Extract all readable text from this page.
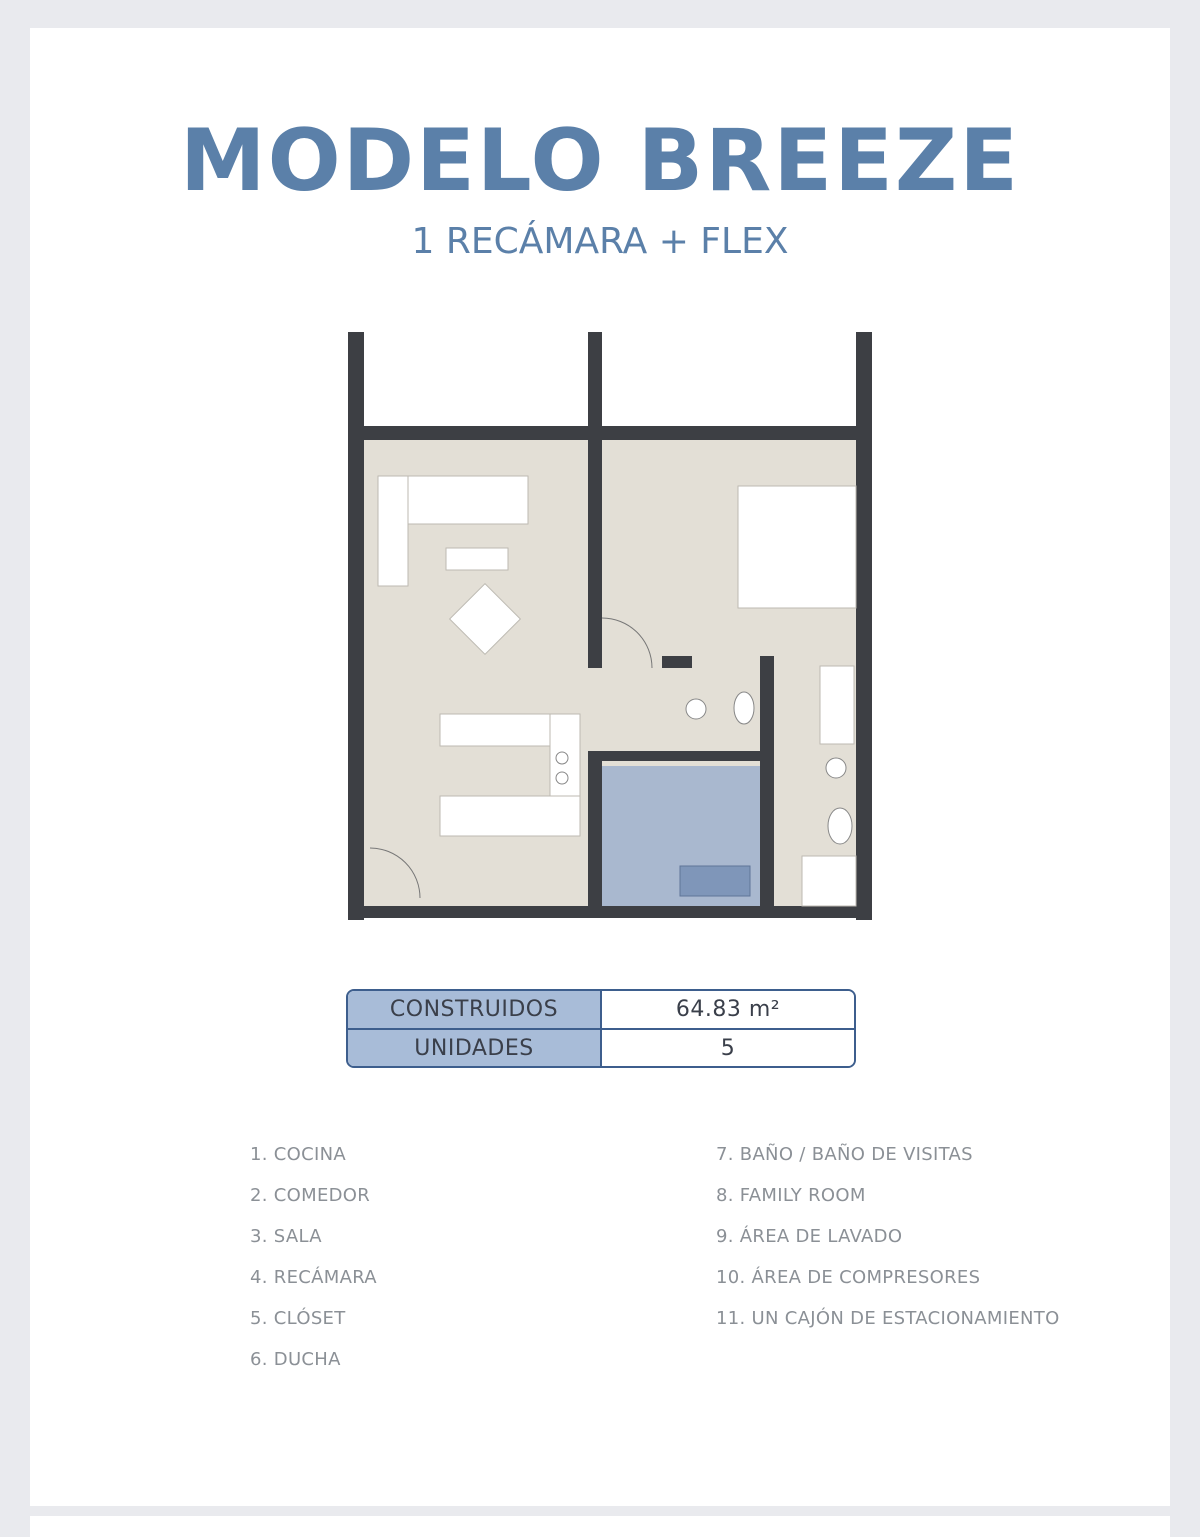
MODELO BREEZE
1 RECÁMARA + FLEX
CONSTRUIDOS	64.83 m²
UNIDADES	5
1. COCINA
2. COMEDOR
3. SALA
4. RECÁMARA
5. CLÓSET
6. DUCHA
7. BAÑO / BAÑO DE VISITAS
8. FAMILY ROOM
9. ÁREA DE LAVADO
10. ÁREA DE COMPRESORES
11. UN CAJÓN DE ESTACIONAMIENTO
